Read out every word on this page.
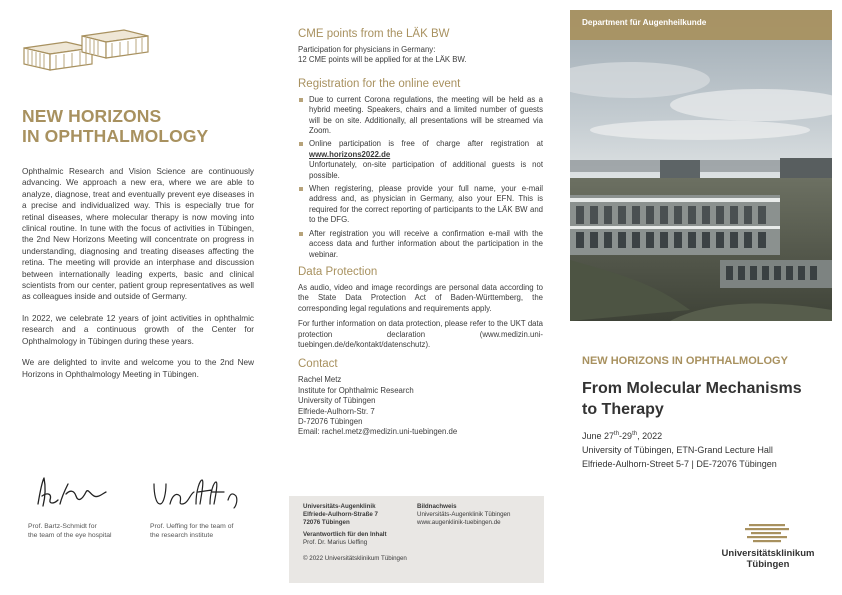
NEW HORIZONS
IN OPHTHALMOLOGY

Ophthalmic Research and Vision Science are continuously advancing. We approach a new era, where we are able to analyze, diagnose, treat and eventually prevent eye diseases in a precise and individualized way. This is especially true for retinal diseases, where molecular therapy is now moving into clinical routine. In tune with the focus of activities in Tübingen, the 2nd New Horizons Meeting will concentrate on progress in understanding, diagnosing and treating diseases affecting the retina. The meeting will provide an interphase and discussion between internationally leading experts, basic and clinical scientists from our center, patient group representatives as well as colleagues inside and outside of Germany.

In 2022, we celebrate 12 years of joint activities in ophthalmic research and a continuous growth of the Center for Ophthalmology in Tübingen during these years.

We are delighted to invite and welcome you to the 2nd New Horizons in Ophthalmology Meeting in Tübingen.

Prof. Bartz-Schmidt for
the team of the eye hospital
Prof. Ueffing for the team of
the research institute
CME points from the LÄK BW
Participation for physicians in Germany:
12 CME points will be applied for at the LÄK BW.
Registration for the online event
Due to current Corona regulations, the meeting will be held as a hybrid meeting. Speakers, chairs and a limited number of guests will be on site. Additionally, all presentations will be streamed via Zoom.
Online participation is free of charge after registration at www.horizons2022.de
Unfortunately, on-site participation of additional guests is not possible.
When registering, please provide your full name, your e-mail address and, as physician in Germany, also your EFN. This is required for the correct reporting of participants to the LÄK BW and to the DFG.
After registration you will receive a confirmation e-mail with the access data and further information about the participation in the webinar.
Data Protection
As audio, video and image recordings are personal data according to the State Data Protection Act of Baden-Württemberg, the corresponding legal regulations and requirements apply.
For further information on data protection, please refer to the UKT data protection declaration (www.medizin.uni-tuebingen.de/de/kontakt/datenschutz).
Contact
Rachel Metz
Institute for Ophthalmic Research
University of Tübingen
Elfriede-Aulhorn-Str. 7
D-72076 Tübingen
Email: rachel.metz@medizin.uni-tuebingen.de
Universitäts-Augenklinik
Elfriede-Aulhorn-Straße 7
72076 Tübingen
Verantwortlich für den Inhalt
Prof. Dr. Marius Ueffing
© 2022 Universitätsklinikum Tübingen
Bildnachweis
Universitäts-Augenklinik Tübingen
www.augenklinik-tuebingen.de
Department für Augenheilkunde
NEW HORIZONS IN OPHTHALMOLOGY
From Molecular Mechanisms
to Therapy
June 27th-29th, 2022
University of Tübingen, ETN-Grand Lecture Hall
Elfriede-Aulhorn-Street 5-7 | DE-72076 Tübingen
Universitätsklinikum
Tübingen
